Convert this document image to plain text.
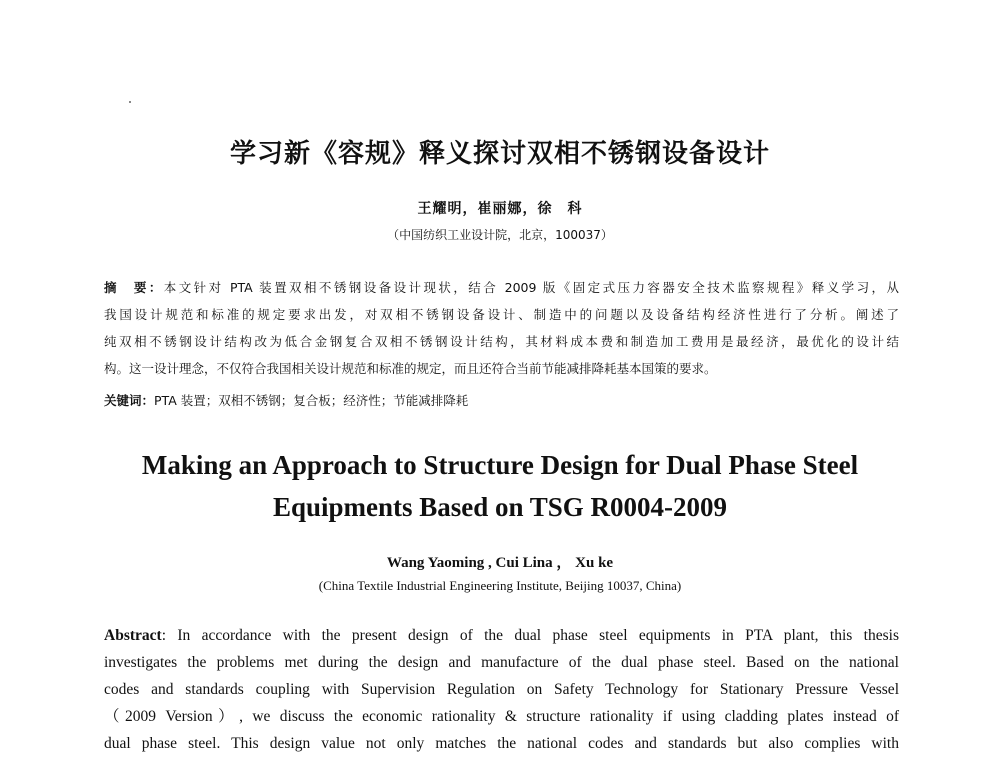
学习新《容规》释义探讨双相不锈钢设备设计
王耀明，崔丽娜，徐　科
（中国纺织工业设计院，北京，100037）
摘　要：本文针对 PTA 装置双相不锈钢设备设计现状，结合 2009 版《固定式压力容器安全技术监察规程》释义学习，从
我国设计规范和标准的规定要求出发，对双相不锈钢设备设计、制造中的问题以及设备结构经济性进行了分析。阐述了
纯双相不锈钢设计结构改为低合金钢复合双相不锈钢设计结构，其材料成本费和制造加工费用是最经济，最优化的设计结
构。这一设计理念，不仅符合我国相关设计规范和标准的规定，而且还符合当前节能减排降耗基本国策的要求。
关键词：PTA 装置；双相不锈钢；复合板；经济性；节能减排降耗
Making an Approach to Structure Design for Dual Phase Steel
Equipments Based on TSG R0004-2009
Wang Yaoming , Cui Lina ， Xu ke
(China Textile Industrial Engineering Institute, Beijing 10037, China)
Abstract: In accordance with the present design of the dual phase steel equipments in PTA plant, this thesis
investigates the problems met during the design and manufacture of the dual phase steel. Based on the national
codes and standards coupling with Supervision Regulation on Safety Technology for Stationary Pressure Vessel
（2009 Version）, we discuss the economic rationality & structure rationality if using cladding plates instead of
dual phase steel. This design value not only matches the national codes and standards but also complies with
